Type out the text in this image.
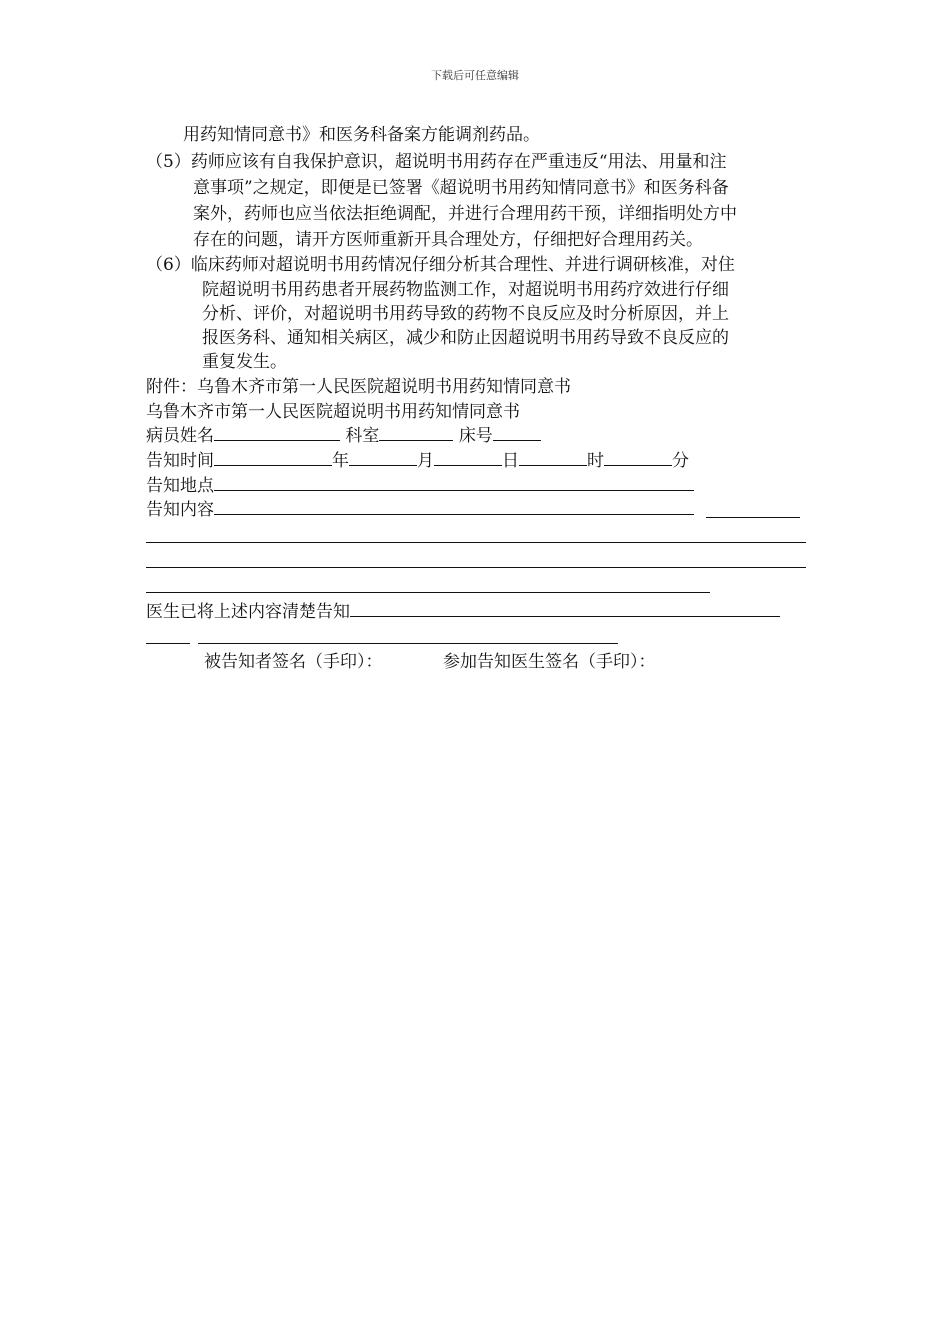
下载后可任意编辑
用药知情同意书》和医务科备案方能调剂药品。
（5）药师应该有自我保护意识，超说明书用药存在严重违反“用法、用量和注
意事项”之规定，即便是已签署《超说明书用药知情同意书》和医务科备
案外，药师也应当依法拒绝调配，并进行合理用药干预，详细指明处方中
存在的问题，请开方医师重新开具合理处方，仔细把好合理用药关。
（6）临床药师对超说明书用药情况仔细分析其合理性、并进行调研核准，对住
院超说明书用药患者开展药物监测工作，对超说明书用药疗效进行仔细
分析、评价，对超说明书用药导致的药物不良反应及时分析原因，并上
报医务科、通知相关病区，减少和防止因超说明书用药导致不良反应的
重复发生。
附件：乌鲁木齐市第一人民医院超说明书用药知情同意书
乌鲁木齐市第一人民医院超说明书用药知情同意书
病员姓名	科室	床号
告知时间	年	月	日	时	分
告知地点
告知内容
医生已将上述内容清楚告知
被告知者签名（手印）：	参加告知医生签名（手印）：
